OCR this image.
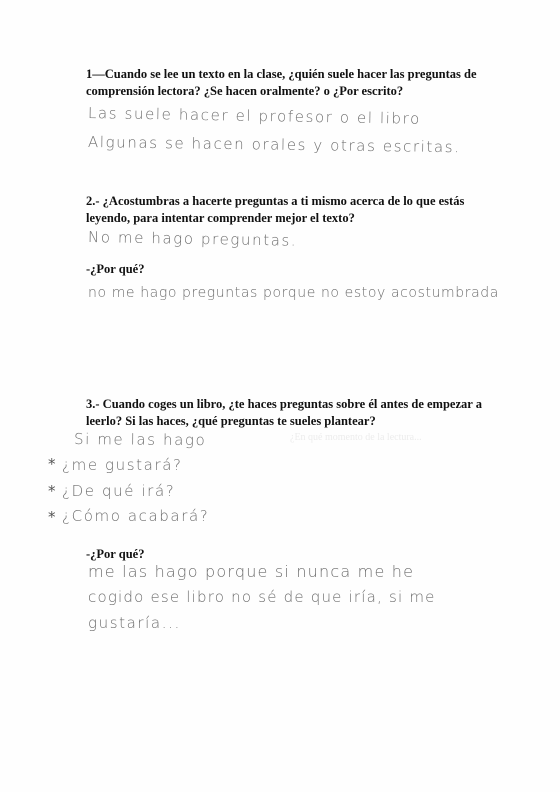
1—Cuando se lee un texto en la clase, ¿quién suele hacer las preguntas de comprensión lectora? ¿Se hacen oralmente? o ¿Por escrito?
Las suele hacer el profesor o el libro
Algunas se hacen orales y otras escritas.
2.- ¿Acostumbras a hacerte preguntas a ti mismo acerca de lo que estás leyendo, para intentar comprender mejor el texto?
No me hago preguntas.
-¿Por qué?
no me hago preguntas porque no estoy acostumbrada
3.- Cuando coges un libro, ¿te haces preguntas sobre él antes de empezar a leerlo? Si las haces, ¿qué preguntas te sueles plantear?
¿En qué momento de la lectura...
Si me las hago
* ¿me gustará?
* ¿De qué irá?
* ¿Cómo acabará?
-¿Por qué?
me las hago porque si nunca me he
cogido ese libro no sé de que iría, si me
gustaría...
